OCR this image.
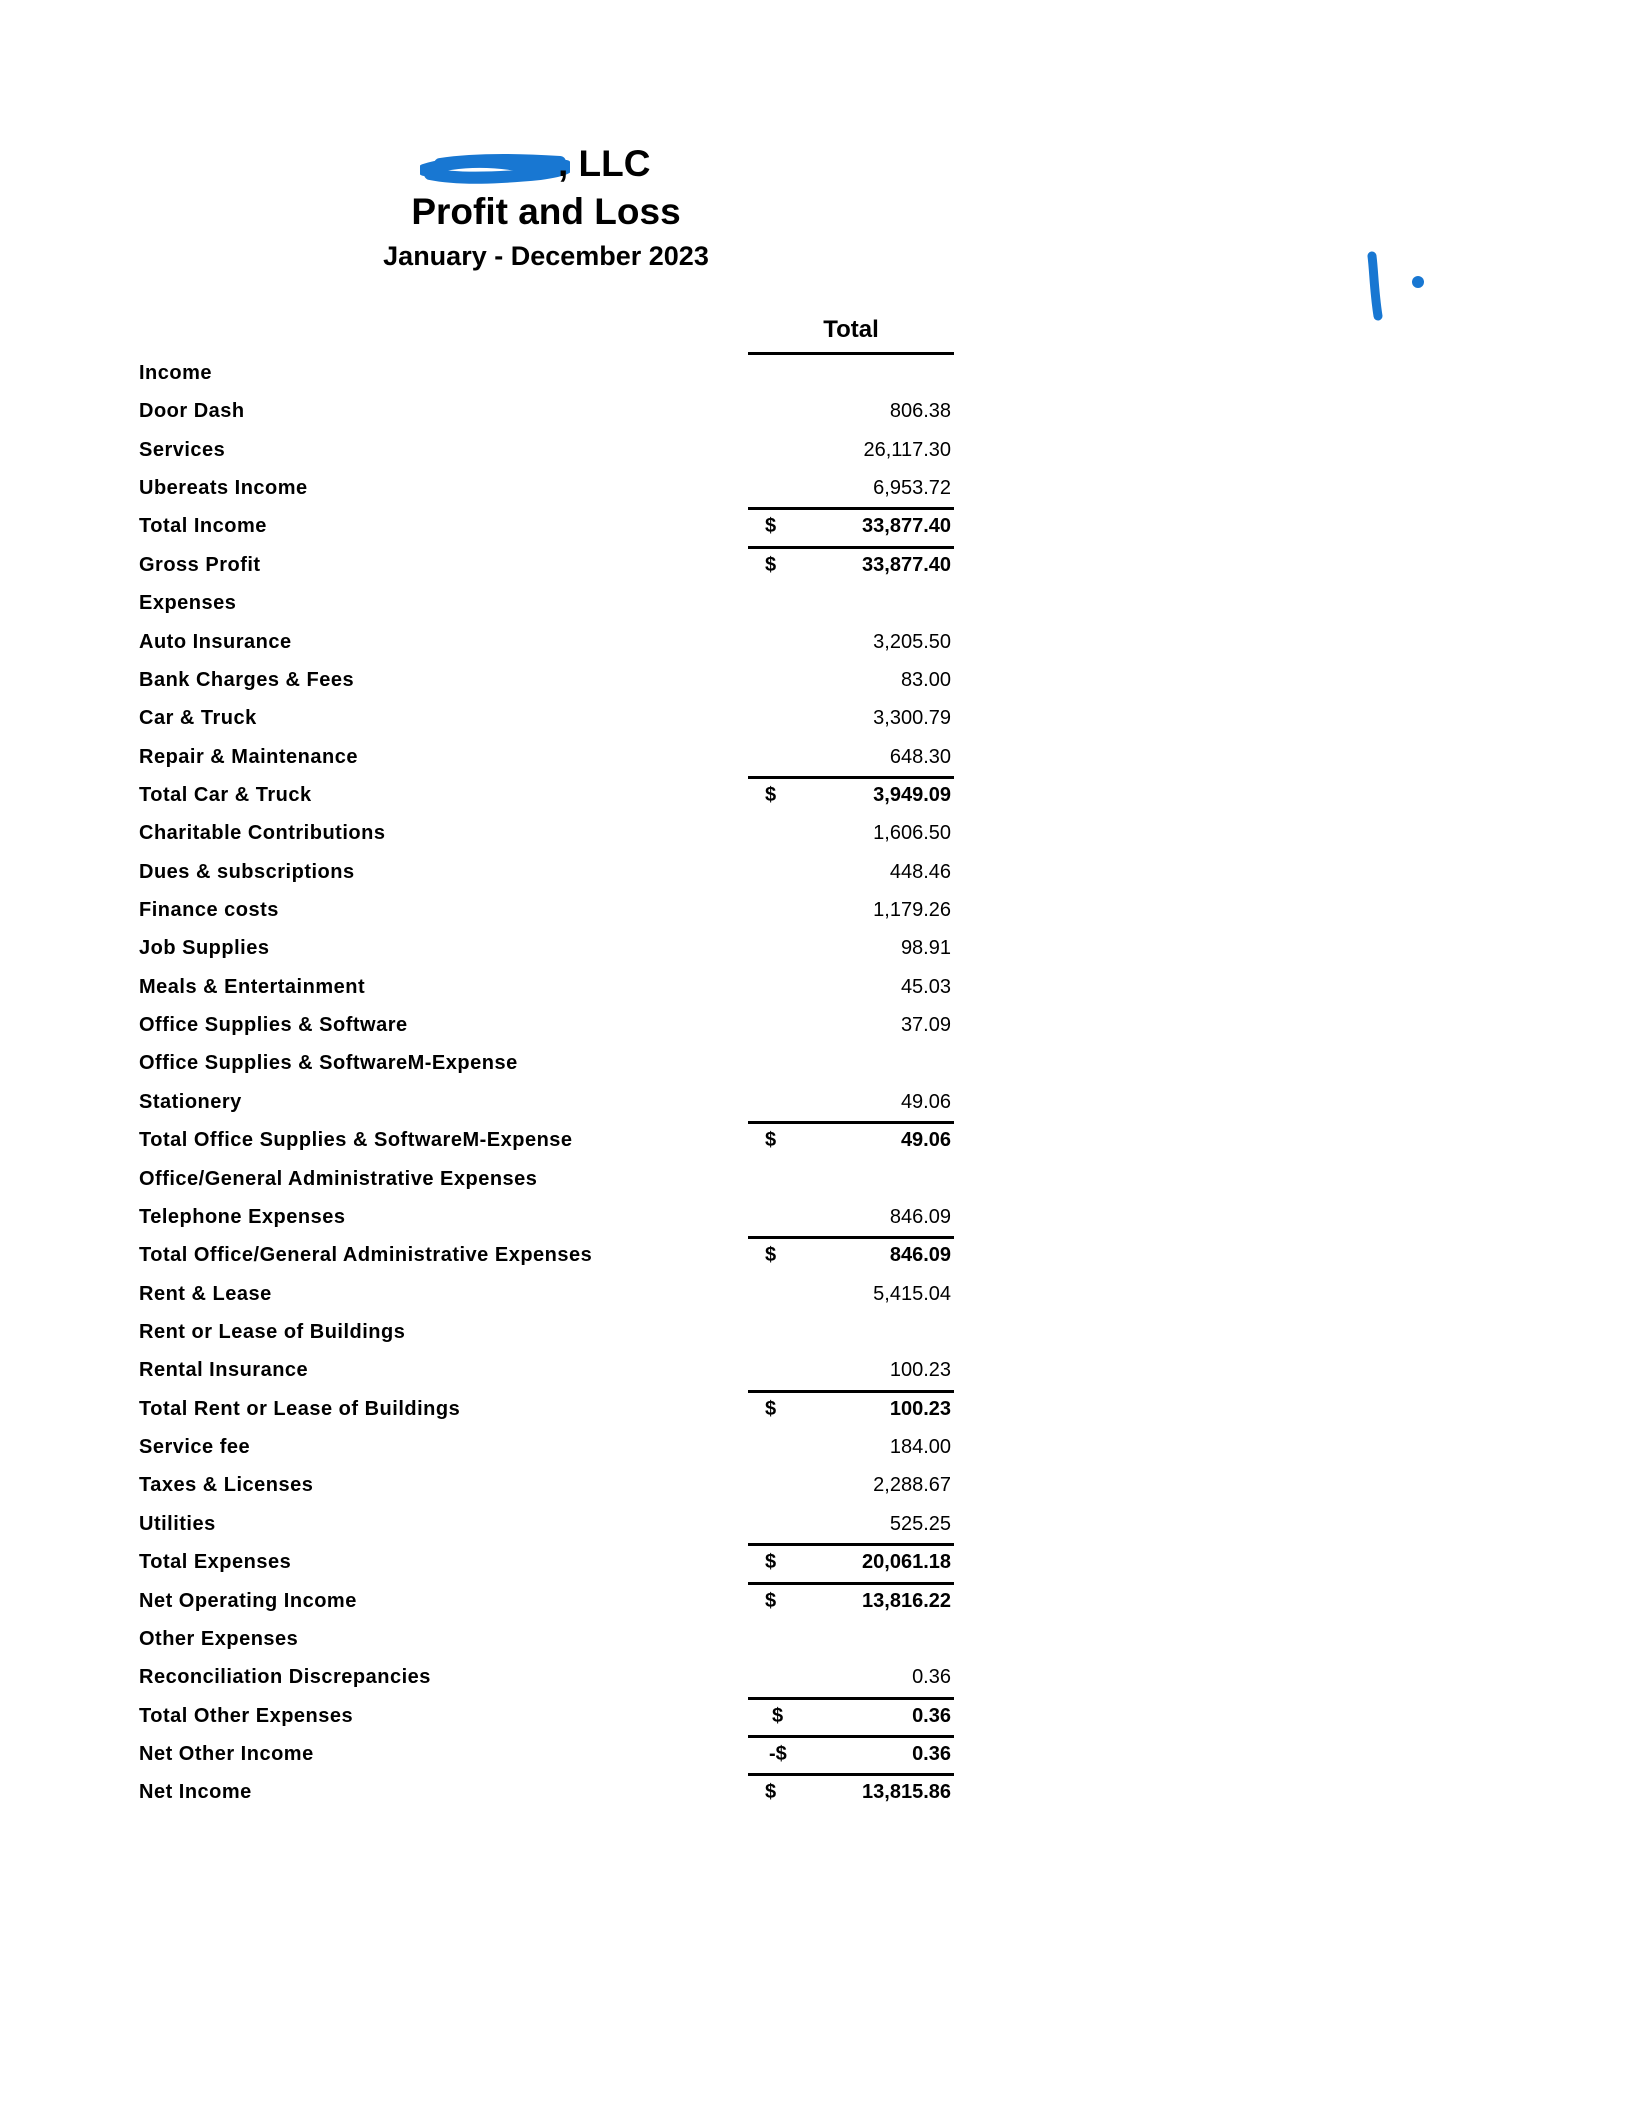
, LLC
Profit and Loss
January - December 2023
Total
Income
Door Dash	806.38
Services	26,117.30
Ubereats Income	6,953.72
Total Income	$	33,877.40
Gross Profit	$	33,877.40
Expenses
Auto Insurance	3,205.50
Bank Charges & Fees	83.00
Car & Truck	3,300.79
Repair & Maintenance	648.30
Total Car & Truck	$	3,949.09
Charitable Contributions	1,606.50
Dues & subscriptions	448.46
Finance costs	1,179.26
Job Supplies	98.91
Meals & Entertainment	45.03
Office Supplies & Software	37.09
Office Supplies & SoftwareM-Expense
Stationery	49.06
Total Office Supplies & SoftwareM-Expense	$	49.06
Office/General Administrative Expenses
Telephone Expenses	846.09
Total Office/General Administrative Expenses	$	846.09
Rent & Lease	5,415.04
Rent or Lease of Buildings
Rental Insurance	100.23
Total Rent or Lease of Buildings	$	100.23
Service fee	184.00
Taxes & Licenses	2,288.67
Utilities	525.25
Total Expenses	$	20,061.18
Net Operating Income	$	13,816.22
Other Expenses
Reconciliation Discrepancies	0.36
Total Other Expenses	$	0.36
Net Other Income	-$	0.36
Net Income	$	13,815.86
